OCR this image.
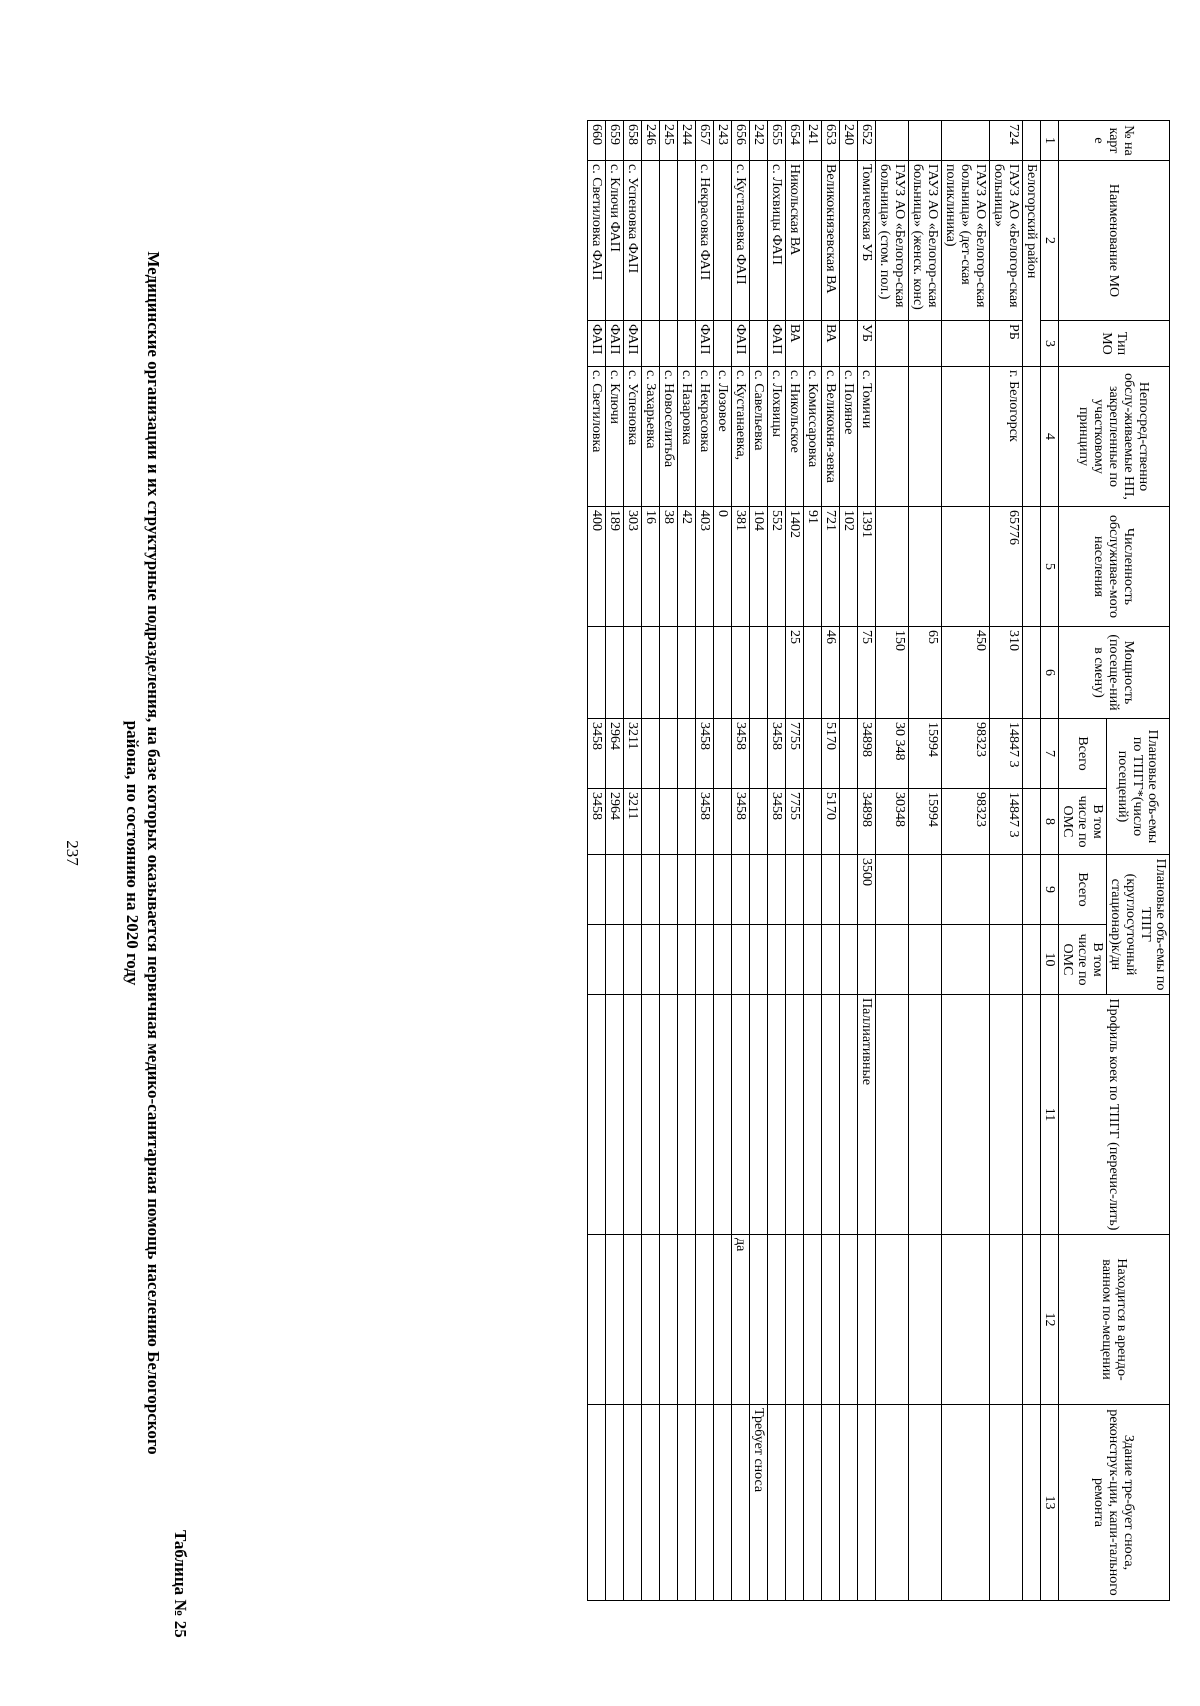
237	Медицинские организации и их структурные подразделения, на базе которых оказывается первичная медико-санитарная помощь населению Белогорского
района, по состоянию на 2020 году
Таблица № 25
№ на карт е	Наименование МО	Тип МО	Непосред-ственно обслу-живаемые НП, закрепленные по участковому принципу	Численность обслуживае-мого населения	Мощность (посеще-ний в смену)	Плановые объ-емы по ТПГГ*(число посещений)		Плановые объ-емы по ТПГГ (круглосуточный стационар)к/дн		Профиль коек по ТПГГ (перечис-лить)	Находится в арендо-ванном по-мещении	Здание тре-бует сноса, реконструк-ции, капи-тального ремонта
						Всего	В том числе по ОМС	Всего	В том числе по ОМС			
1	2	3	4	5	6	7	8	9	10	11	12	13
	Белогорский район											
724	ГАУЗ АО «Белогор-ская больница»	РБ	г. Белогорск	65776	310	14847 3	14847 3					
	ГАУЗ АО «Белогор-ская больница» (дет-ская поликлиника)				450	98323	98323					
	ГАУЗ АО «Белогор-ская больница» (женск. конс)				65	15994	15994					
	ГАУЗ АО «Белогор-ская больница» (стом. пол.)				150	30 348	30348					
652	Томичевская УБ	УБ	с. Томичи	1391	75	34898	34898	3500		Паллиативные		
240			с. Поляное	102								
653	Великокнязевская ВА	ВА	с. Великокня-зевка	721	46	5170	5170					
241			с. Комиссаровка	91								
654	Никольская ВА	ВА	с. Никольское	1402	25	7755	7755					
655	с. Лохвицы ФАП	ФАП	с. Лохвицы	552		3458	3458					
242			с. Савельевка	104								Требует сноса
656	с. Кустанаевка ФАП	ФАП	с. Кустанаевка,	381		3458	3458				да	
243			с. Лозовое	0								
657	с. Некрасовка ФАП	ФАП	с. Некрасовка	403		3458	3458					
244			с. Назаровка	42								
245			с. Новоселитьба	38								
246			с. Захарьевка	16								
658	с. Успеновка ФАП	ФАП	с. Успеновка	303		3211	3211					
659	с. Ключи ФАП	ФАП	с. Ключи	189		2964	2964					
660	с. Светиловка ФАП	ФАП	с. Светиловка	400		3458	3458					
